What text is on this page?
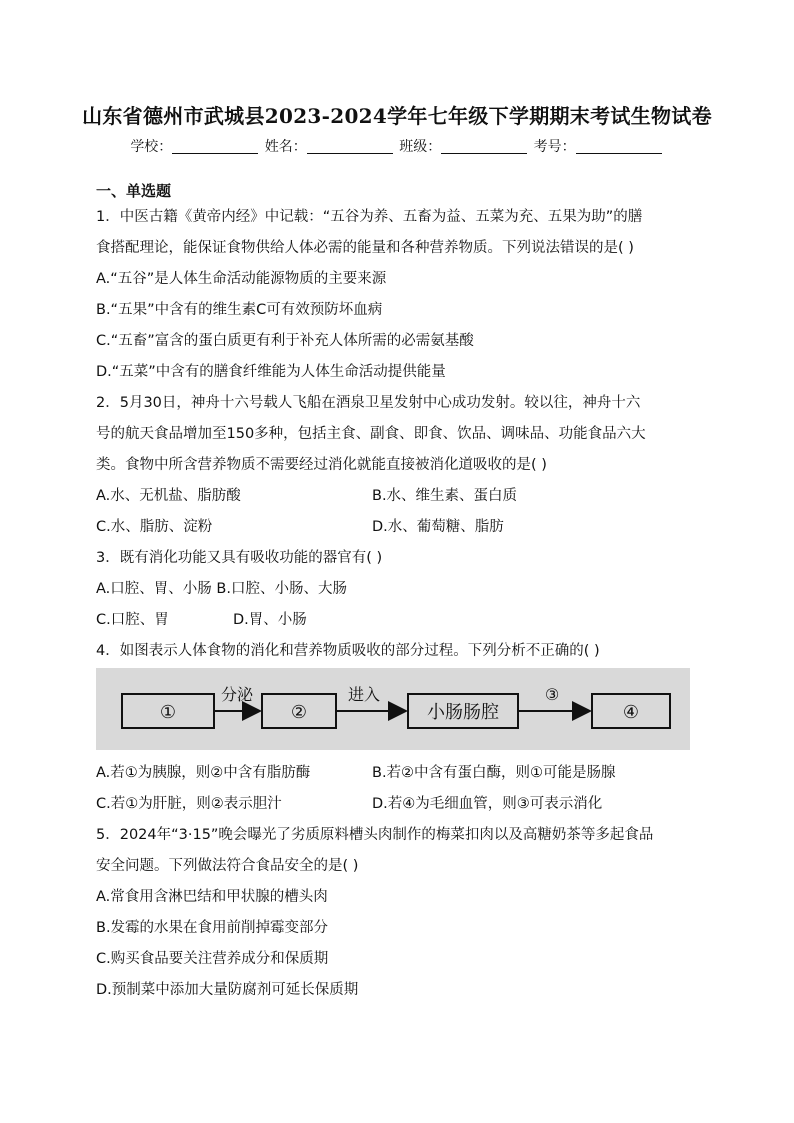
山东省德州市武城县2023-2024学年七年级下学期期末考试生物试卷
学校：	姓名：	班级：	考号：
一、单选题
1．中医古籍《黄帝内经》中记载：“五谷为养、五畜为益、五菜为充、五果为助”的膳
食搭配理论，能保证食物供给人体必需的能量和各种营养物质。下列说法错误的是( )
A.“五谷”是人体生命活动能源物质的主要来源
B.“五果”中含有的维生素C可有效预防坏血病
C.“五畜”富含的蛋白质更有利于补充人体所需的必需氨基酸
D.“五菜”中含有的膳食纤维能为人体生命活动提供能量
2．5月30日，神舟十六号载人飞船在酒泉卫星发射中心成功发射。较以往，神舟十六
号的航天食品增加至150多种，包括主食、副食、即食、饮品、调味品、功能食品六大
类。食物中所含营养物质不需要经过消化就能直接被消化道吸收的是( )
A.水、无机盐、脂肪酸	B.水、维生素、蛋白质
C.水、脂肪、淀粉	D.水、葡萄糖、脂肪
3．既有消化功能又具有吸收功能的器官有( )
A.口腔、胃、小肠 B.口腔、小肠、大肠
C.口腔、胃	D.胃、小肠
4．如图表示人体食物的消化和营养物质吸收的部分过程。下列分析不正确的( )
①
分泌
②
进入
小肠肠腔
③
④
A.若①为胰腺，则②中含有脂肪酶	B.若②中含有蛋白酶，则①可能是肠腺
C.若①为肝脏，则②表示胆汁	D.若④为毛细血管，则③可表示消化
5．2024年“3·15”晚会曝光了劣质原料槽头肉制作的梅菜扣肉以及高糖奶茶等多起食品
安全问题。下列做法符合食品安全的是( )
A.常食用含淋巴结和甲状腺的槽头肉
B.发霉的水果在食用前削掉霉变部分
C.购买食品要关注营养成分和保质期
D.预制菜中添加大量防腐剂可延长保质期
